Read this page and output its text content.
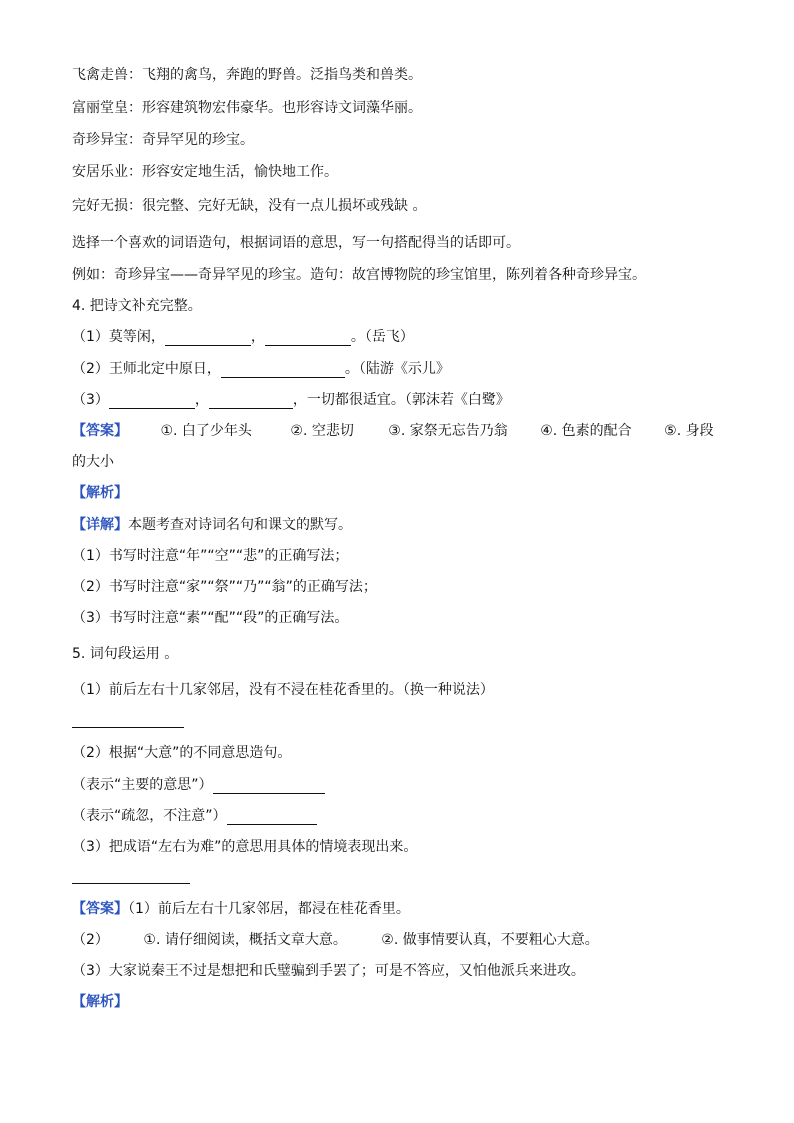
飞禽走兽：飞翔的禽鸟，奔跑的野兽。泛指鸟类和兽类。
富丽堂皇：形容建筑物宏伟豪华。也形容诗文词藻华丽。
奇珍异宝：奇异罕见的珍宝。
安居乐业：形容安定地生活，愉快地工作。
完好无损：很完整、完好无缺，没有一点儿损坏或残缺 。
选择一个喜欢的词语造句，根据词语的意思，写一句搭配得当的话即可。
例如：奇珍异宝——奇异罕见的珍宝。造句：故宫博物院的珍宝馆里，陈列着各种奇珍异宝。
4. 把诗文补充完整。
（1）莫等闲，	，	。（岳飞）
（2）王师北定中原日，	。（陆游《示儿》
（3）	，	，一切都很适宜。（郭沫若《白鹭》
【答案】 ①. 白了少年头	②. 空悲切 ③. 家祭无忘告乃翁 ④. 色素的配合 ⑤. 身段
的大小
【解析】
【详解】本题考查对诗词名句和课文的默写。
（1）书写时注意“年”“空”“悲”的正确写法；
（2）书写时注意“家”“祭”“乃”“翁”的正确写法；
（3）书写时注意“素”“配”“段”的正确写法。
5. 词句段运用 。
（1）前后左右十几家邻居，没有不浸在桂花香里的。（换一种说法）
（2）根据“大意”的不同意思造句。
（表示“主要的意思”）
（表示“疏忽，不注意”）
（3）把成语“左右为难”的意思用具体的情境表现出来。
【答案】（1）前后左右十几家邻居，都浸在桂花香里。
（2） ①. 请仔细阅读，概括文章大意。 ②. 做事情要认真，不要粗心大意。
（3）大家说秦王不过是想把和氏璧骗到手罢了；可是不答应，又怕他派兵来进攻。
【解析】
